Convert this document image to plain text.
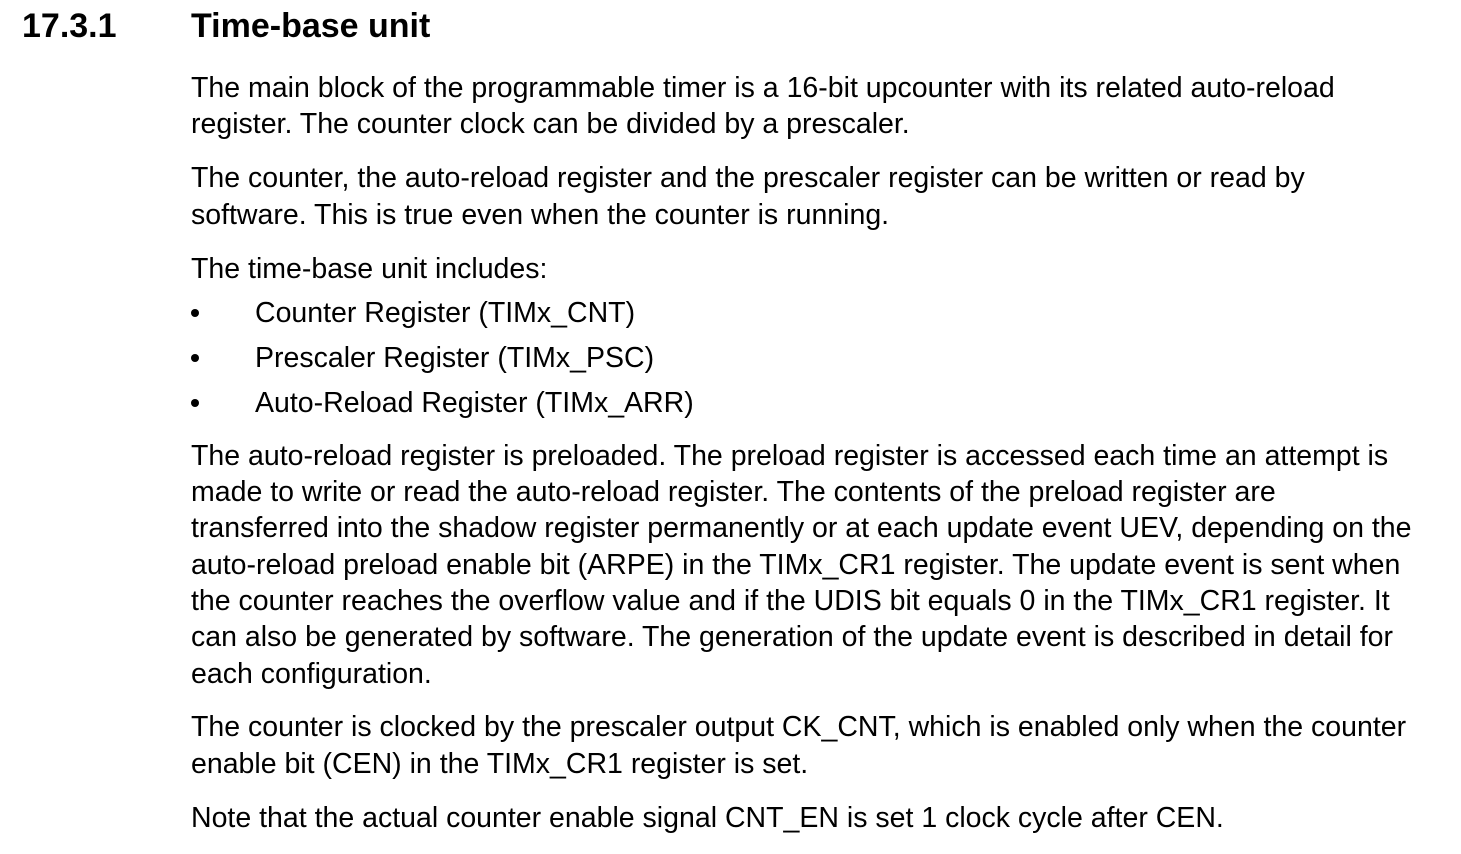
17.3.1 Time-base unit

The main block of the programmable timer is a 16-bit upcounter with its related auto-reload register. The counter clock can be divided by a prescaler.

The counter, the auto-reload register and the prescaler register can be written or read by software. This is true even when the counter is running.

The time-base unit includes:

Counter Register (TIMx_CNT)
Prescaler Register (TIMx_PSC)
Auto-Reload Register (TIMx_ARR)

The auto-reload register is preloaded. The preload register is accessed each time an attempt is made to write or read the auto-reload register. The contents of the preload register are transferred into the shadow register permanently or at each update event UEV, depending on the auto-reload preload enable bit (ARPE) in the TIMx_CR1 register. The update event is sent when the counter reaches the overflow value and if the UDIS bit equals 0 in the TIMx_CR1 register. It can also be generated by software. The generation of the update event is described in detail for each configuration.

The counter is clocked by the prescaler output CK_CNT, which is enabled only when the counter enable bit (CEN) in the TIMx_CR1 register is set.

Note that the actual counter enable signal CNT_EN is set 1 clock cycle after CEN.
